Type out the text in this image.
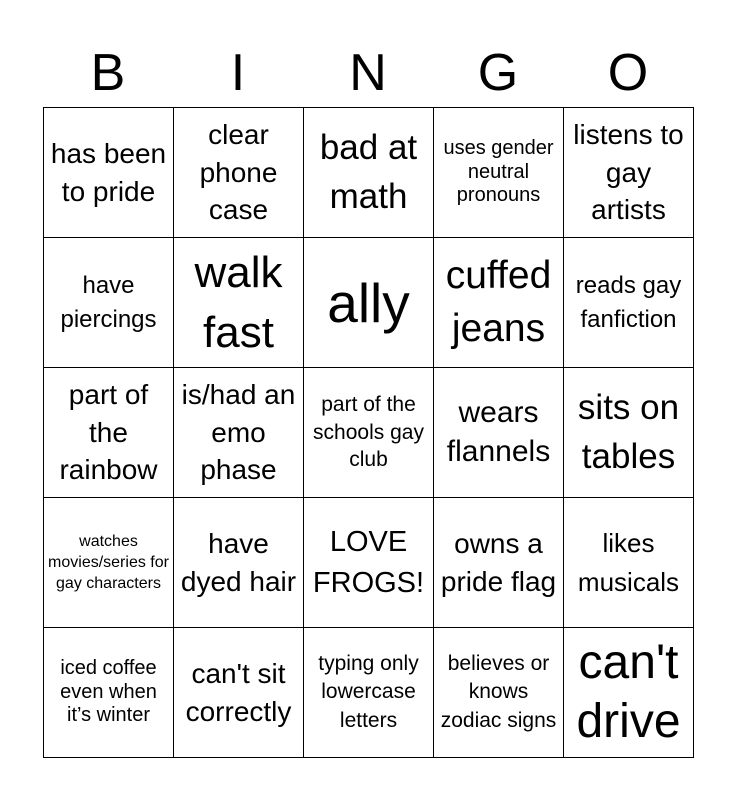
B	I	N	G	O
has been to pride	clear phone case	bad at math	uses gender neutral pronouns	listens to gay artists
have piercings	walk fast	ally	cuffed jeans	reads gay fanfiction
part of the rainbow	is/had an emo phase	part of the schools gay club	wears flannels	sits on tables
watches movies/series for gay characters	have dyed hair	LOVE FROGS!	owns a pride flag	likes musicals
iced coffee even when it’s winter	can't sit correctly	typing only lowercase letters	believes or knows zodiac signs	can't drive
